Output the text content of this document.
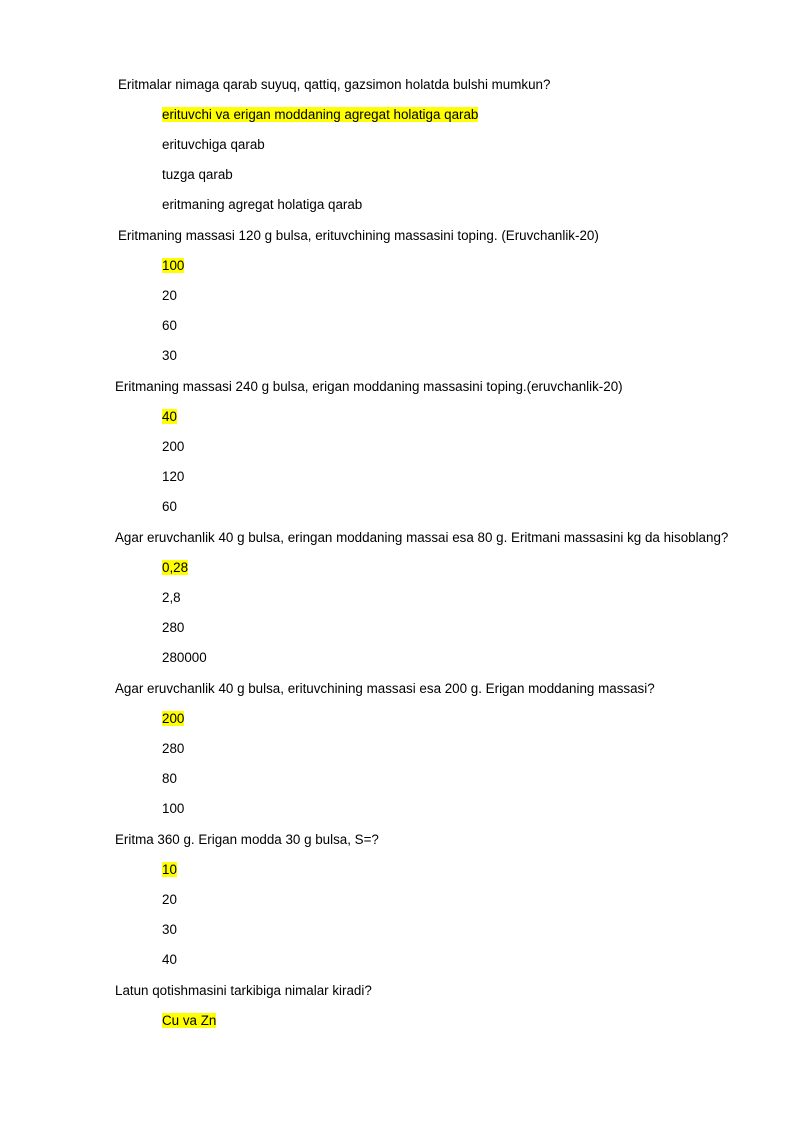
Eritmalar nimaga qarab suyuq, qattiq, gazsimon holatda bulshi mumkun?
erituvchi va erigan moddaning agregat holatiga qarab
erituvchiga qarab
tuzga qarab
eritmaning agregat holatiga qarab
Eritmaning massasi 120 g bulsa, erituvchining massasini toping. (Eruvchanlik-20)
100
20
60
30
Eritmaning massasi 240 g bulsa, erigan moddaning massasini toping.(eruvchanlik-20)
40
200
120
60
Agar eruvchanlik 40 g bulsa, eringan moddaning massai esa 80 g. Eritmani massasini kg da hisoblang?
0,28
2,8
280
280000
Agar eruvchanlik 40 g bulsa, erituvchining massasi esa 200 g. Erigan moddaning massasi?
200
280
80
100
Eritma 360 g. Erigan modda 30 g bulsa, S=?
10
20
30
40
Latun qotishmasini tarkibiga nimalar kiradi?
Cu va Zn
